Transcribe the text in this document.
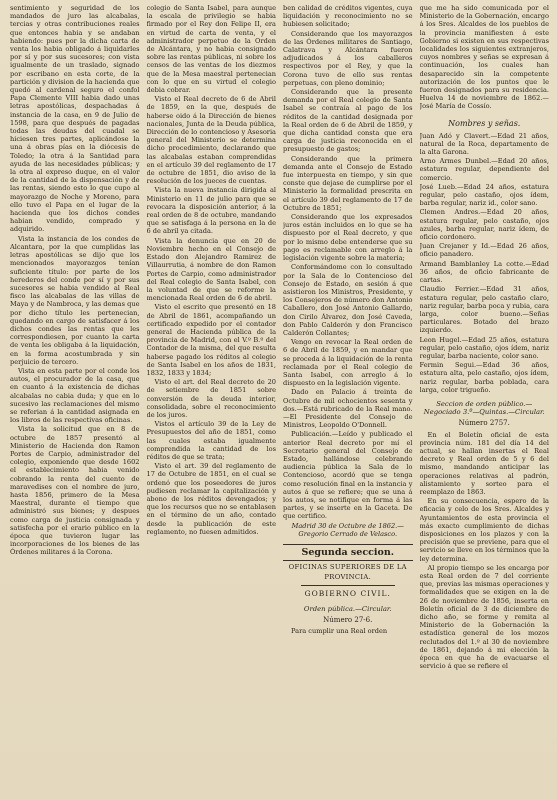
sentimiento y seguridad de los mandados de juro las alcabalas, tercias y otras contribuciones reales que entonces habia y se andaban habiendo: pues por la dicha carta de venta los habia obligado á liquidarles por sí y por sus sucesores; con vista igualmente de un traslado, signado por escribano en esta corte, de la partición y division de la hacienda que quedó al cardenal seguro el confol Papa Clemente VIII habia dado unas letras apostólicas, despachadas á instancia de la casa, en 9 de Julio de 1598, para que después de pagadas todas las deudas del cuadal se hiciesen tres partes, aplicándose la una á obras pías en la diócesis de Toledo; la otra á la Santidad para ayuda de las necesidades públicas; y la otra al expreso duque, en el valor de la cantidad de la dispensación y de las rentas, siendo esto lo que cupo al mayorazgo de Noche y Moreno, para ello tuvo el Papa en el lugar de la hacienda que los dichos condes habian vendido, comprado y adquirido.

Vista la instancia de los condes de Alcantara, por la que cumplidas las letras apostólicas se dijo que los mencionados mayorazgos tenían suficiente título: por parte de los herederos del conde por sí y por sus sucesores se habia vendido al Real fisco las alcabalas de las villas de Maya y de Nambroca, y las demas que por dicho título les pertenecian, quedando en cargo de satisfacer á los dichos condes las rentas que les correspondiesen, por cuanto la carta de venta les obligaba á la liquidación, en la forma acostumbrada y sin perjuicio de tercero.

Vista en esta parte por el conde los autos, el procurador de la casa, que en cuanto á la existencia de dichas alcabalas no cabia duda; y que en lo sucesivo las reclamaciones del mismo se referian á la cantidad asignada en los libros de las respectivas oficinas.

Vista la solicitud que en 8 de octubre de 1857 presentó al Ministerio de Hacienda don Ramon Portes de Carpio, administrador del colegio, exponiendo que desde 1602 el establecimiento habia venido cobrando la renta del cuento de maravedises con el nombre de juro, hasta 1856, primero de la Mesa Maestral, durante el tiempo que administró sus bienes; y despues como carga de justicia consignada y satisfecha por el erario público en la época que tuvieron lugar las incorporaciones de los bienes de las Órdenes militares á la Corona.

colegio de Santa Isabel, para aunque la escala de privilegio se habia firmado por el Rey don Felipe II, era en virtud de carta de venta, y el administrador perpetuo de la Orden de Alcántara, y no habia consignado sobre las rentas públicas, ni sobre los censos de las ventas de los diezmos que de la Mesa maestral pertenecian con lo que en su virtud el colegio debia cobrar.

Visto el Real decreto de 6 de Abril de 1859, en la que, después de haberse oido á la Dirección de bienes nacionales, Junta de la Deuda pública, Dirección de lo contencioso y Asesoria general del Ministerio se determina dicho procedimiento, declarando que las alcabalas estaban comprendidas en el artículo 39 del reglamento de 17 de octubre de 1851, dio aviso de la resolución de los jueces de cuentas.

Vista la nueva instancia dirigida al Ministerio en 11 de julio para que se revocara la disposición anterior, á la real orden de 8 de octubre, mandando que se satisfaga á la persona en la de 6 de abril ya citada.

Vista la denuncia que en 20 de Noviembre hecho en el Consejo de Estado don Alejandro Ramirez de Villaurrutia, á nombre de don Ramon Portes de Carpio, como administrador del Real colegio de Santa Isabel, con la voluntad de que se reforme la mencionada Real orden de 6 de abril.

Visto el escrito que presentó en 18 de Abril de 1861, acompañando un certificado expedido por el contador general de Hacienda pública de la provincia de Madrid, con el V.º B.º del Contador de la misma, del que resulta haberse pagado los réditos al colegio de Santa Isabel en los años de 1831, 1832, 1833 y 1834;

Visto el art. del Real decreto de 20 de setiembre de 1851 sobre conversión de la deuda interior, consolidada, sobre el reconocimiento de los juros.

Vistos el artículo 39 de la Ley de Presupuestos del año de 1851, como las cuales estaba igualmente comprendida la cantidad de los réditos de que se trata;

Visto el art. 39 del reglamento de 17 de Octubre de 1851, en el cual se ordenó que los poseedores de juros pudiesen reclamar la capitalización y abono de los réditos devengados; y que los recursos que no se entablasen en el término de un año, contado desde la publicación de este reglamento, no fuesen admitidos.

ben calidad de créditos vigentes, cuya liquidación y reconocimiento no se hubiesen solicitado;

Considerando que los mayorazgos de las Órdenes militares de Santiago, Calatrava y Alcántara fueron adjudicados á los caballeros respectivos por el Rey, y que la Corona tuvo de ello sus rentas perpetuas, con pleno dominio;

Considerando que la presente demanda por el Real colegio de Santa Isabel se contraía al pago de los réditos de la cantidad designada por la Real orden de 6 de Abril de 1859, y que dicha cantidad consta que era carga de justicia reconocida en el presupuesto de gastos;

Considerando que la primera demanda ante el Consejo de Estado fue interpuesta en tiempo, y sin que conste que dejase de cumplirse por el Ministerio la formalidad prescrita en el artículo 39 del reglamento de 17 de Octubre de 1851;

Considerando que los expresados juros están incluidos en lo que se ha dispuesto por el Real decreto, y que por lo mismo debe entenderse que su pago es reclamable con arreglo á la legislación vigente sobre la materia;

Conformándome con lo consultado por la Sala de lo Contencioso del Consejo de Estado, en sesión á que asistieron los Ministros, Presidente, y los Consejeros de número don Antonio Caballero, don José Antonio Gallardo, don Cirilo Álvarez, don José Caveda, don Pablo Calderón y don Francisco Calderón Collantes;

Vengo en revocar la Real orden de 6 de Abril de 1859, y en mandar que se proceda á la liquidación de la renta reclamada por el Real colegio de Santa Isabel, con arreglo á lo dispuesto en la legislación vigente.

Dado en Palacio á treinta de Octubre de mil ochocientos sesenta y dos.—Está rubricado de la Real mano.—El Presidente del Consejo de Ministros, Leopoldo O'Donnell.

Publicación.—Leído y publicado el anterior Real decreto por mí el Secretario general del Consejo de Estado, hallándose celebrando audiencia pública la Sala de lo Contencioso, acordó que se tenga como resolución final en la instancia y autos á que se refiere; que se una á los autos, se notifique en forma á las partes, y se inserte en la Gaceta. De que certifico.

Madrid 30 de Octubre de 1862.—Gregorio Cerrado de Velasco.

Segunda seccion.

OFICINAS SUPERIORES DE LA

PROVINCIA.

GOBIERNO CIVIL.

Orden pública.—Circular.

Número 27-6.

Para cumplir una Real orden

que me ha sido comunicada por el Ministerio de la Gobernación, encargo á los Sres. Alcaldes de los pueblos de la provincia manifiesten á este Gobierno si existen en sus respectivas localidades los siguientes extranjeros, cuyos nombres y señas se expresan á continuación, los cuales han desaparecido sin la competente autorización de los puntos que le fueron designados para su residencia. Huelva 14 de noviembre de 1862.—José María de Cossío.

Nombres y señas.

Juan Adó y Clavert.—Edad 21 años, natural de la Roca, departamento de la alta Garona.

Arno Armes Dunbel.—Edad 20 años, estatura regular, dependiente del comercio.

José Lueb.—Edad 24 años, estatura regular, pelo castaño, ojos ídem, barba regular, nariz id., color sano.

Clemen Andres.—Edad 20 años, estatura regular, pelo castaño, ojos azules, barba regular, nariz ídem, de oficio cordonero.

Juan Crejaner y Id.—Edad 26 años, oficio panadero.

Armand Bamblanley La cotte.—Edad 36 años, de oficio fabricante de cartas.

Claudio Ferrier.—Edad 31 años, estatura regular, pelo castaño claro, nariz regular, barba poca y rubia, cara larga, color bueno.—Señas particulares. Botado del brazo izquierdo.

Leon Hugel.—Edad 25 años, estatura regular, pelo castaño, ojos ídem, nariz regular, barba naciente, color sano.

Fermin Segui.—Edad 36 años, estatura alta, pelo castaño, ojos ídem, nariz regular, barba poblada, cara larga, color trigueño.

Seccion de orden público.—Negociado 3.º—Quintas.—Circular.

Número 2757.

En el Boletín oficial de esta provincia núm. 181 del día 14 del actual, se hallan insertas el Real decreto y Real orden de 5 y 6 del mismo, mandando anticipar las operaciones relativas al padrón, alistamiento y sorteo para el reemplazo de 1863.

En su consecuencia, espero de la eficacia y celo de los Sres. Alcaldes y Ayuntamientos de esta provincia el más exacto cumplimiento de dichas disposiciones en los plazos y con la precisión que se previene, para que el servicio se lleve en los términos que la ley determina.

Al propio tiempo se les encarga por esta Real orden de 7 del corriente que, previas las mismas operaciones y formalidades que se exigen en la de 26 de noviembre de 1856, inserta en Boletín oficial de 3 de diciembre de dicho año, se forme y remita al Ministerio de la Gobernación la estadística general de los mozos reclutados del 1.º al 30 de noviembre de 1861, dejando á mi elección la época en que ha de evacuarse el servicio á que se refiere el
